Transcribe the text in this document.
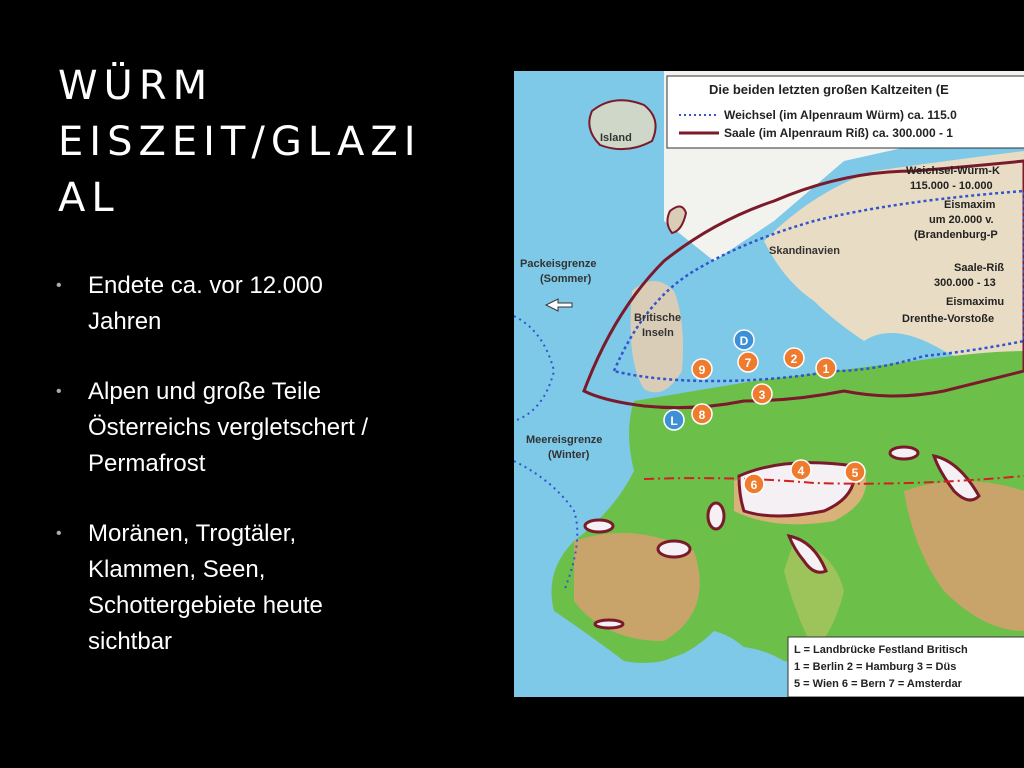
WÜRM
EISZEIT/GLAZI
AL
• Endete ca. vor 12.000
Jahren
• Alpen und große Teile
Österreichs vergletschert /
Permafrost
• Moränen, Trogtäler,
Klammen, Seen,
Schottergebiete heute
sichtbar
Die beiden letzten großen Kaltzeiten (E
Weichsel (im Alpenraum Würm) ca. 115.0
Saale (im Alpenraum Riß) ca. 300.000 - 1
Weichsel-Würm-K
115.000 - 10.000
Eismaxim
um 20.000 v.
(Brandenburg-P
Saale-Riß
300.000 - 13
Eismaximu
Drenthe-Vorstoße
Island
Skandinavien
Britische
Inseln
Packeisgrenze
(Sommer)
Meereisgrenze
(Winter)
9	7	2
1
3
8
4	5
6
D
L
L = Landbrücke Festland Britisch
1 = Berlin 2 = Hamburg 3 = Düs
5 = Wien 6 = Bern 7 = Amsterdar
